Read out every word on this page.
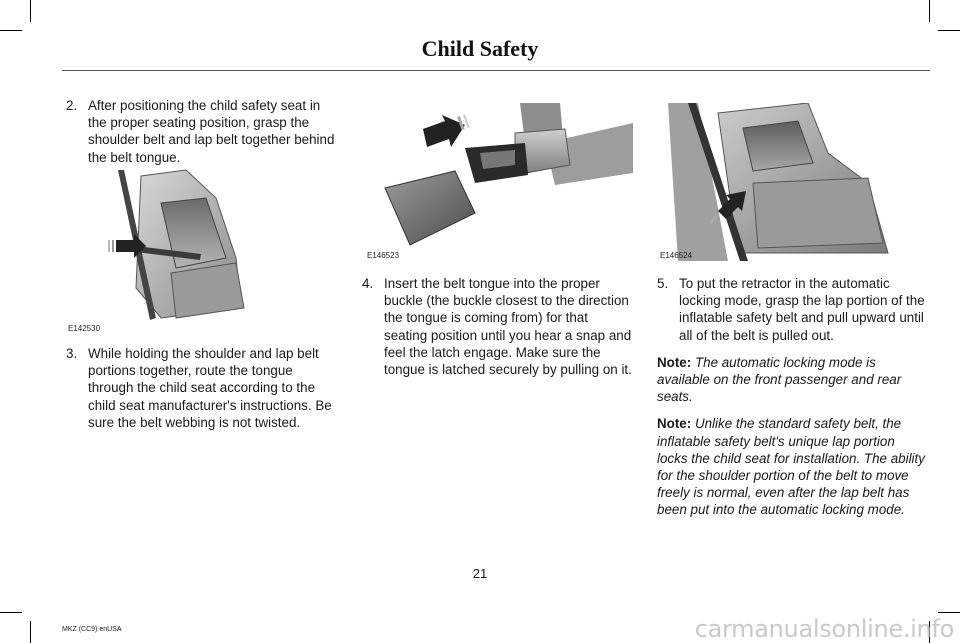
Child Safety
2. After positioning the child safety seat in the proper seating position, grasp the shoulder belt and lap belt together behind the belt tongue.
E142530
3. While holding the shoulder and lap belt portions together, route the tongue through the child seat according to the child seat manufacturer's instructions. Be sure the belt webbing is not twisted.
E146523
4. Insert the belt tongue into the proper buckle (the buckle closest to the direction the tongue is coming from) for that seating position until you hear a snap and feel the latch engage. Make sure the tongue is latched securely by pulling on it.
E146524
5. To put the retractor in the automatic locking mode, grasp the lap portion of the inflatable safety belt and pull upward until all of the belt is pulled out.
Note: The automatic locking mode is available on the front passenger and rear seats.
Note: Unlike the standard safety belt, the inflatable safety belt's unique lap portion locks the child seat for installation. The ability for the shoulder portion of the belt to move freely is normal, even after the lap belt has been put into the automatic locking mode.
21
MKZ (CC9) enUSA	carmanualsonline.info
